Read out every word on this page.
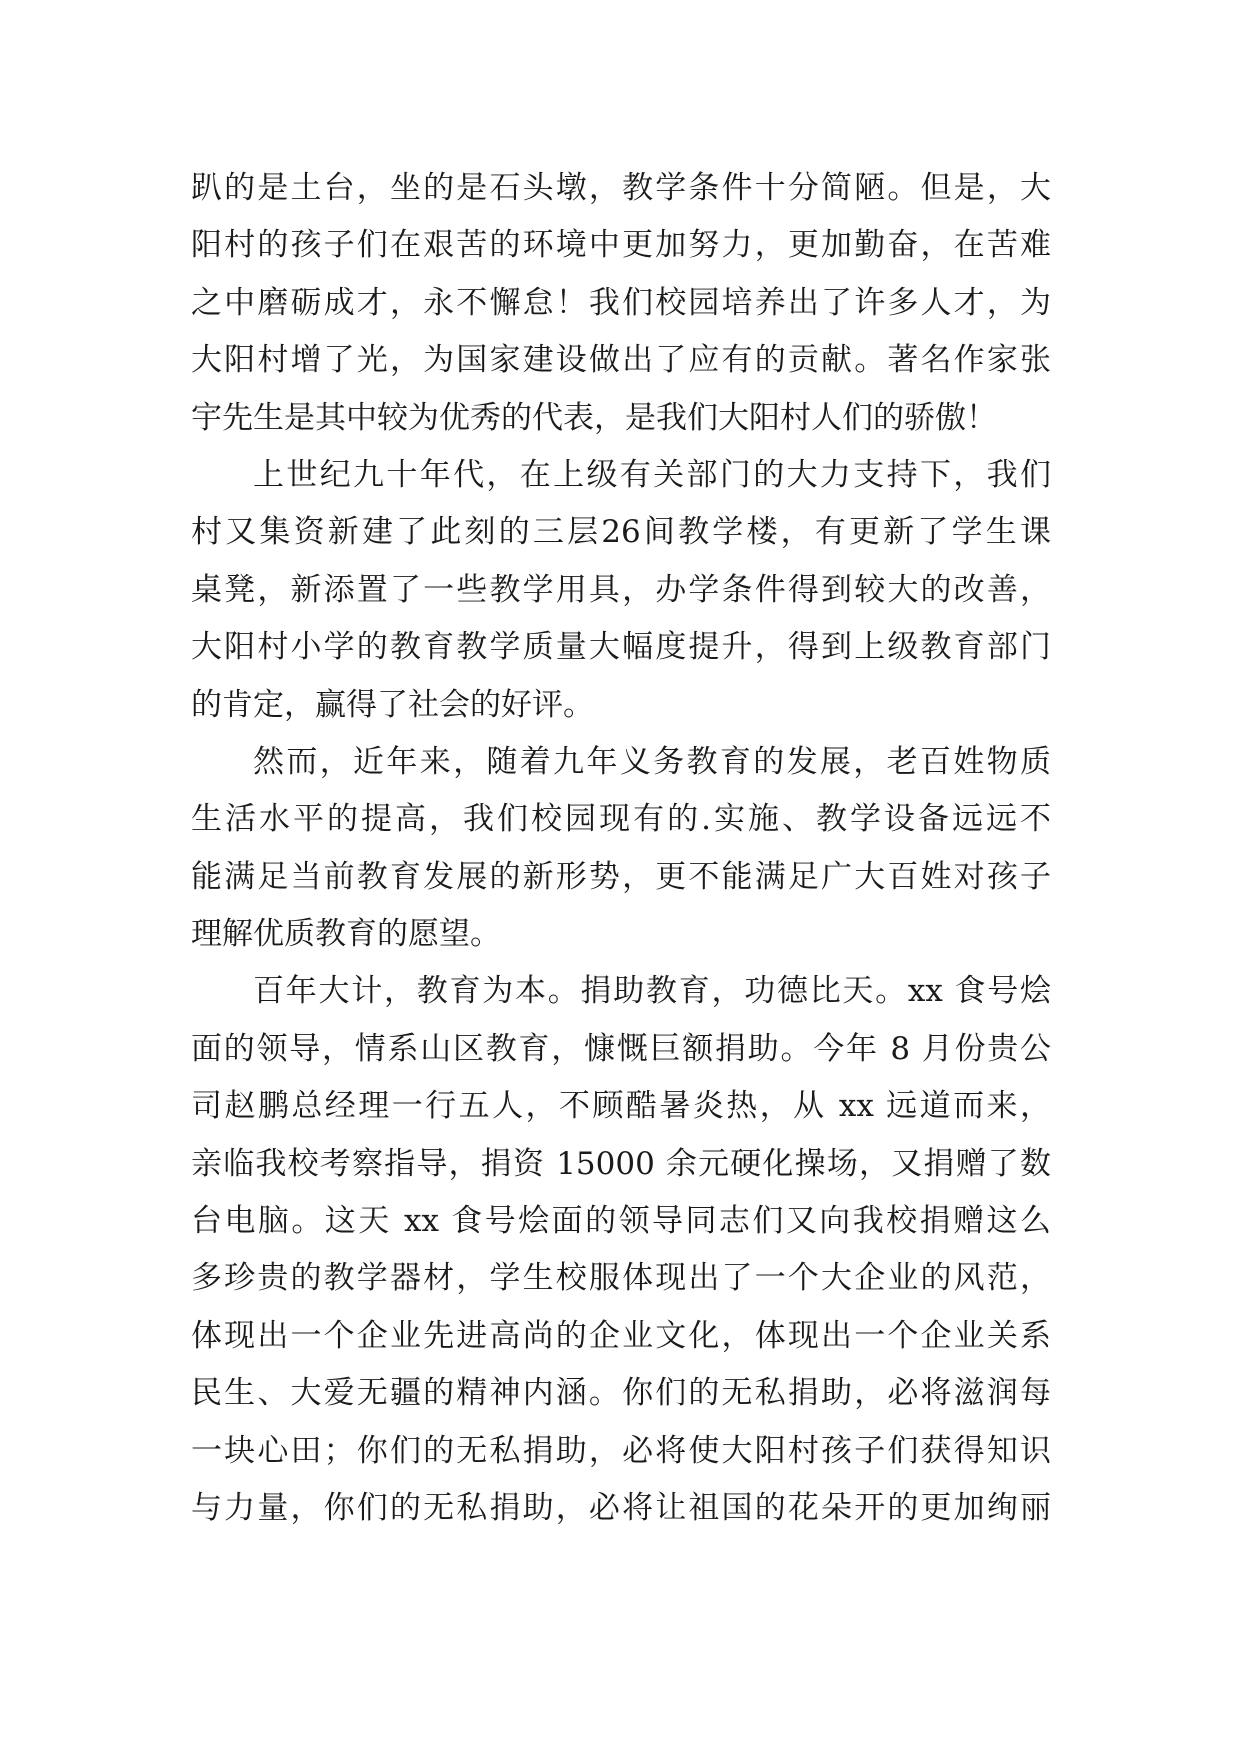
趴的是土台，坐的是石头墩，教学条件十分简陋。但是，大
阳村的孩子们在艰苦的环境中更加努力，更加勤奋，在苦难
之中磨砺成才，永不懈怠！我们校园培养出了许多人才，为
大阳村增了光，为国家建设做出了应有的贡献。著名作家张
宇先生是其中较为优秀的代表，是我们大阳村人们的骄傲！
上世纪九十年代，在上级有关部门的大力支持下，我们
村又集资新建了此刻的三层26间教学楼，有更新了学生课
桌凳，新添置了一些教学用具，办学条件得到较大的改善，
大阳村小学的教育教学质量大幅度提升，得到上级教育部门
的肯定，赢得了社会的好评。
然而，近年来，随着九年义务教育的发展，老百姓物质
生活水平的提高，我们校园现有的.实施、教学设备远远不
能满足当前教育发展的新形势，更不能满足广大百姓对孩子
理解优质教育的愿望。
百年大计，教育为本。捐助教育，功德比天。xx 食号烩
面的领导，情系山区教育，慷慨巨额捐助。今年 8 月份贵公
司赵鹏总经理一行五人，不顾酷暑炎热，从 xx 远道而来，
亲临我校考察指导，捐资 15000 余元硬化操场，又捐赠了数
台电脑。这天 xx 食号烩面的领导同志们又向我校捐赠这么
多珍贵的教学器材，学生校服体现出了一个大企业的风范，
体现出一个企业先进高尚的企业文化，体现出一个企业关系
民生、大爱无疆的精神内涵。你们的无私捐助，必将滋润每
一块心田；你们的无私捐助，必将使大阳村孩子们获得知识
与力量，你们的无私捐助，必将让祖国的花朵开的更加绚丽
